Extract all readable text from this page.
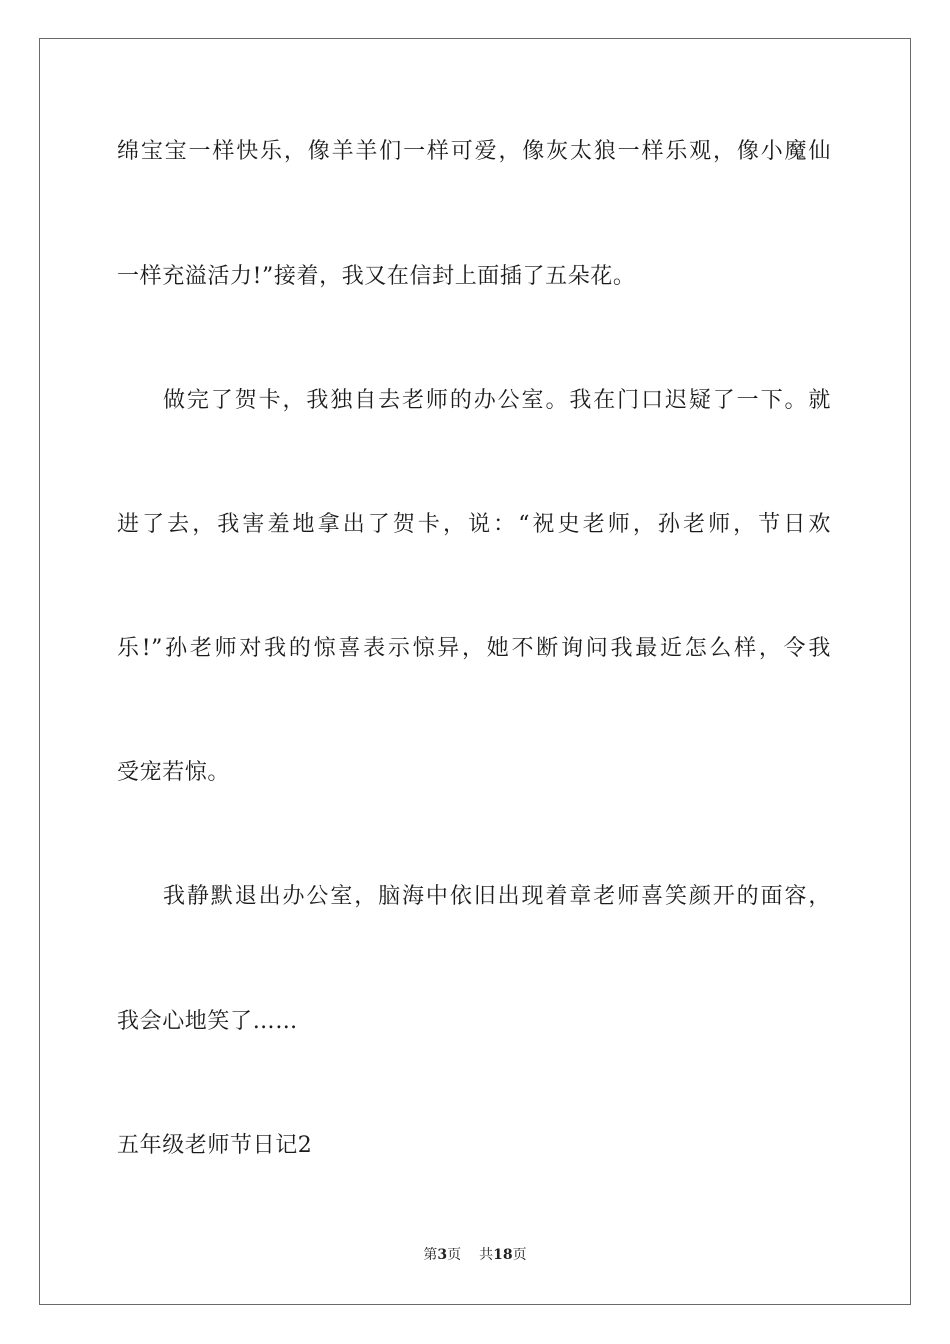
绵宝宝一样快乐，像羊羊们一样可爱，像灰太狼一样乐观，像小魔仙
一样充溢活力!”接着，我又在信封上面插了五朵花。
做完了贺卡，我独自去老师的办公室。我在门口迟疑了一下。就
进了去，我害羞地拿出了贺卡，说：“祝史老师，孙老师，节日欢
乐!”孙老师对我的惊喜表示惊异，她不断询问我最近怎么样，令我
受宠若惊。
我静默退出办公室，脑海中依旧出现着章老师喜笑颜开的面容，
我会心地笑了……
五年级老师节日记2
第3页 共18页
